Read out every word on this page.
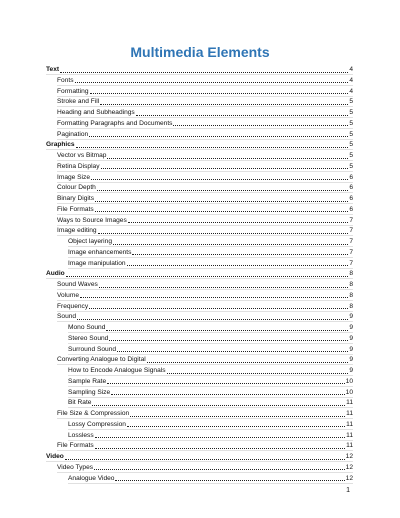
Multimedia Elements
Text	4
Fonts	4
Formatting	4
Stroke and Fill	5
Heading and Subheadings	5
Formatting Paragraphs and Documents	5
Pagination	5
Graphics	5
Vector vs Bitmap	5
Retina Display	5
Image Size	6
Colour Depth	6
Binary Digits	6
File Formats	6
Ways to Source Images	7
Image editing	7
Object layering	7
Image enhancements	7
Image manipulation	7
Audio	8
Sound Waves	8
Volume	8
Frequency	8
Sound	9
Mono Sound	9
Stereo Sound	9
Surround Sound	9
Converting Analogue to Digital	9
How to Encode Analogue Signals	9
Sample Rate	10
Sampling Size	10
Bit Rate	11
File Size & Compression	11
Lossy Compression	11
Lossless	11
File Formats	11
Video	12
Video Types	12
Analogue Video	12
1
